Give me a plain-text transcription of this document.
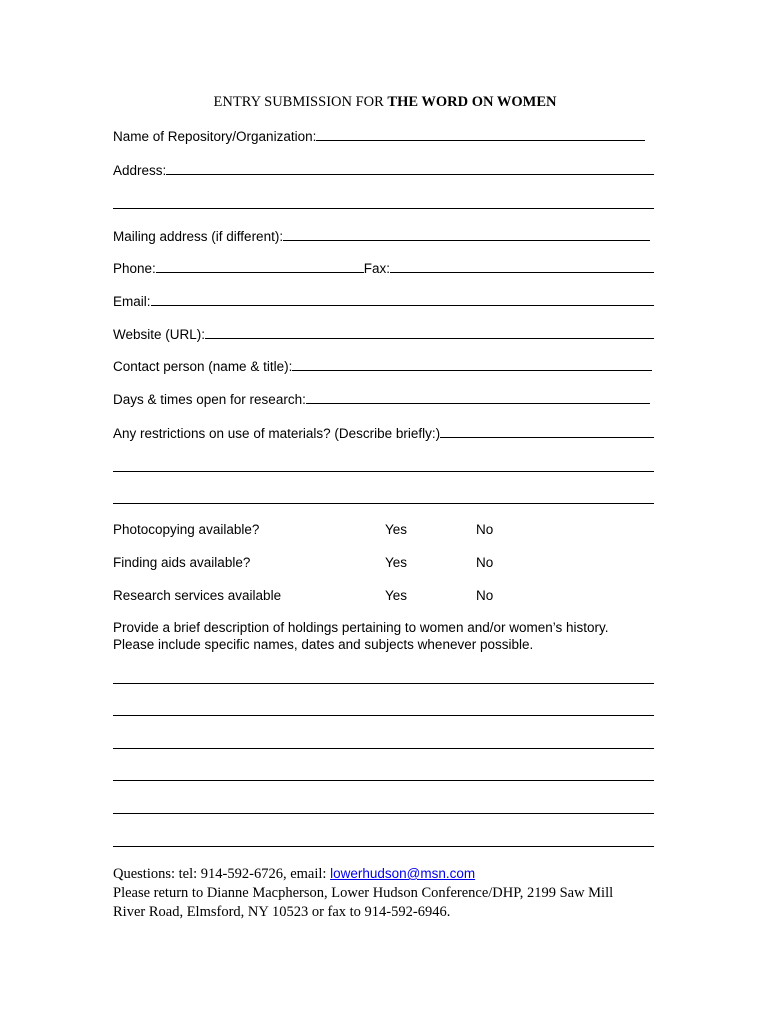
ENTRY SUBMISSION FOR THE WORD ON WOMEN
Name of Repository/Organization:
Address:
Mailing address (if different):
Phone:	Fax:
Email:
Website (URL):
Contact person (name & title):
Days & times open for research:
Any restrictions on use of materials? (Describe briefly:)
Photocopying available?	Yes	No
Finding aids available?	Yes	No
Research services available	Yes	No
Provide a brief description of holdings pertaining to women and/or women’s history.
Please include specific names, dates and subjects whenever possible.
Questions: tel: 914-592-6726, email: lowerhudson@msn.com
Please return to Dianne Macpherson, Lower Hudson Conference/DHP, 2199 Saw Mill
River Road, Elmsford, NY 10523 or fax to 914-592-6946.
